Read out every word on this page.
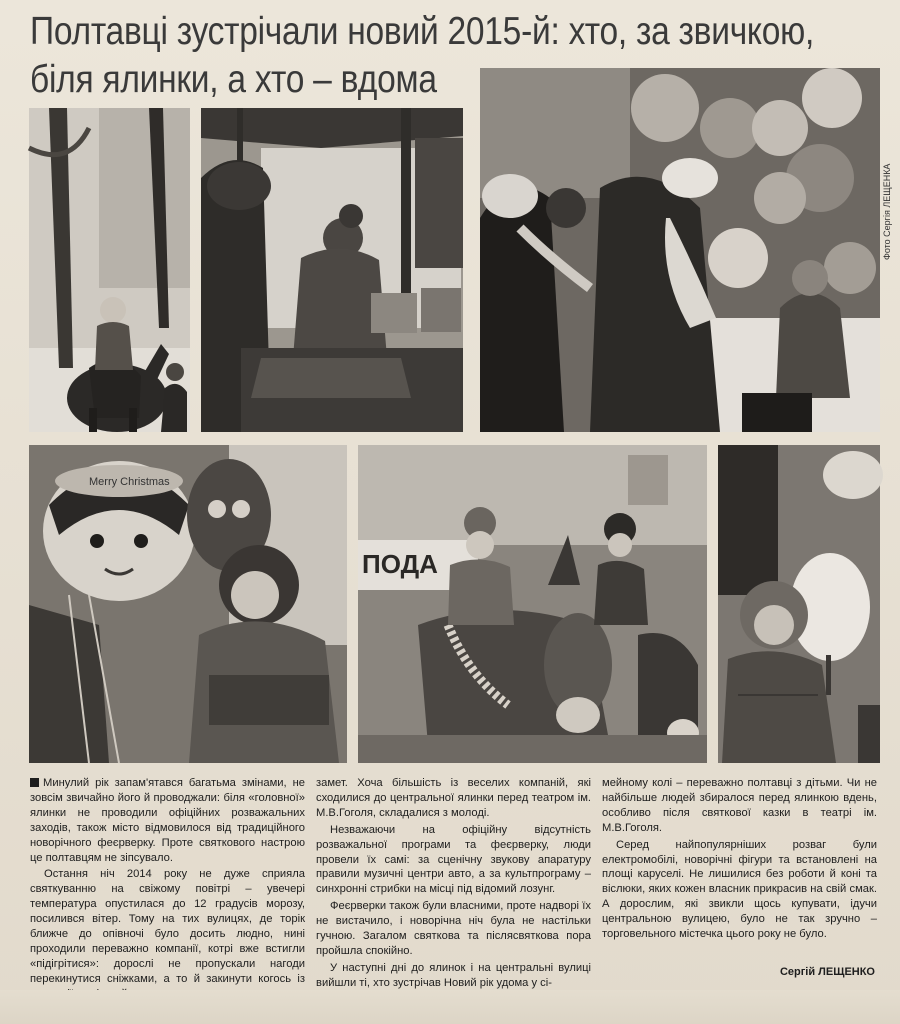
Полтавці зустрічали новий 2015-й: хто, за звичкою,
біля ялинки, а хто – вдома
Фото Сергія ЛЕЩЕНКА
Merry Christmas
ПОДА

Минулий рік запам'ятався багатьма змінами, не зовсім звичайно його й проводжали: біля «головної» ялинки не проводили офіційних розважальних заходів, також місто відмовилося від традиційного новорічного феєрверку. Проте святкового настрою це полтавцям не зіпсувало.

Остання ніч 2014 року не дуже сприяла святкуванню на свіжому повітрі – увечері температура опустилася до 12 градусів морозу, посилився вітер. Тому на тих вулицях, де торік ближче до опівночі було досить людно, нині проходили переважно компанії, котрі вже встигли «підігрітися»: дорослі не пропускали нагоди перекинутися сніжками, а то й закинути когось із

замет. Хоча більшість із веселих компаній, які сходилися до центральної ялинки перед театром ім. М.В.Гоголя, складалися з молоді.

Незважаючи на офіційну відсутність розважальної програми та феєрверку, люди провели їх самі: за сценічну звукову апаратуру правили музичні центри авто, а за культпрограму – синхронні стрибки на місці під відомий лозунг.

Феєрверки також були власними, проте надворі їх не вистачило, і новорічна ніч була не настільки гучною. Загалом святкова та післясвяткова пора пройшла спокійно.

У наступні дні до ялинок і на центральні вулиці вийшли ті, хто зустрічав Новий рік удома у сі-

мейному колі – переважно полтавці з дітьми. Чи не найбільше людей збиралося перед ялинкою вдень, особливо після святкової казки в театрі ім. М.В.Гоголя.

Серед найпопулярніших розваг були електромобілі, новорічні фігури та встановлені на площі каруселі. Не лишилися без роботи й коні та віслюки, яких кожен власник прикрасив на свій смак. А дорослим, які звикли щось купувати, ідучи центральною вулицею, було не так зручно – торговельного містечка цього року не було.

Сергій ЛЕЩЕНКО
